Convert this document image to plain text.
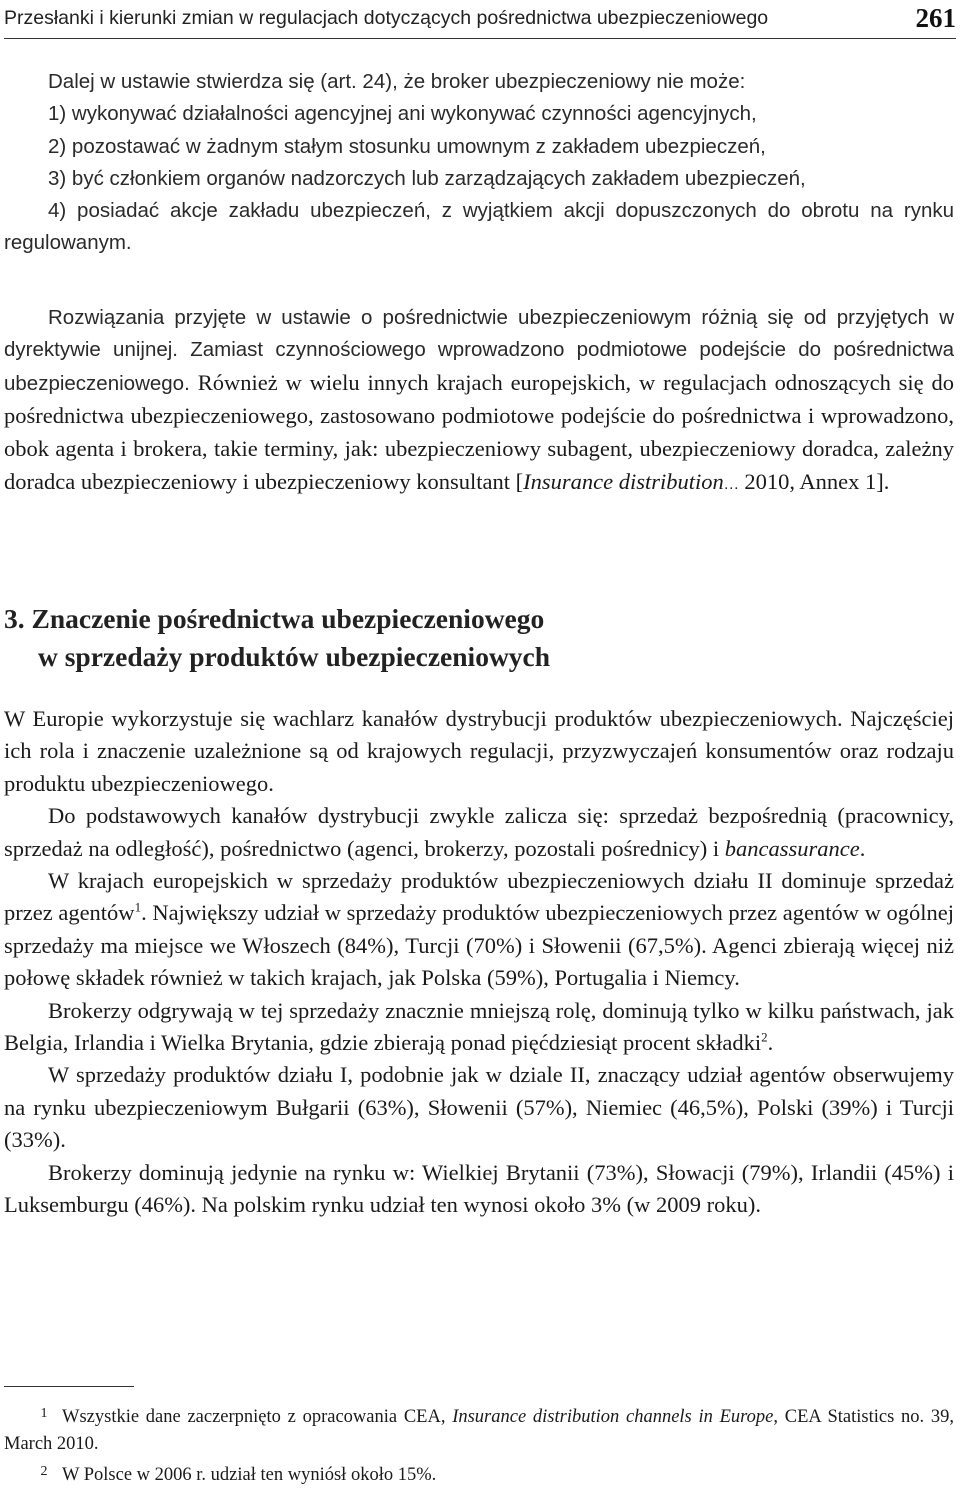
Przesłanki i kierunki zmian w regulacjach dotyczących pośrednictwa ubezpieczeniowego	261
Dalej w ustawie stwierdza się (art. 24), że broker ubezpieczeniowy nie może:
1) wykonywać działalności agencyjnej ani wykonywać czynności agencyjnych,
2) pozostawać w żadnym stałym stosunku umownym z zakładem ubezpieczeń,
3) być członkiem organów nadzorczych lub zarządzających zakładem ubezpieczeń,
4) posiadać akcje zakładu ubezpieczeń, z wyjątkiem akcji dopuszczonych do obrotu na rynku regulowanym.
Rozwiązania przyjęte w ustawie o pośrednictwie ubezpieczeniowym różnią się od przyjętych w dyrektywie unijnej. Zamiast czynnościowego wprowadzono podmiotowe podejście do pośrednictwa ubezpieczeniowego. Również w wielu innych krajach europejskich, w regulacjach odnoszących się do pośrednictwa ubezpieczeniowego, zastosowano podmiotowe podejście do pośrednictwa i wprowadzono, obok agenta i brokera, takie terminy, jak: ubezpieczeniowy subagent, ubezpieczeniowy doradca, zależny doradca ubezpieczeniowy i ubezpieczeniowy konsultant [Insurance distribution… 2010, Annex 1].
3. Znaczenie pośrednictwa ubezpieczeniowego
w sprzedaży produktów ubezpieczeniowych

W Europie wykorzystuje się wachlarz kanałów dystrybucji produktów ubezpieczeniowych. Najczęściej ich rola i znaczenie uzależnione są od krajowych regulacji, przyzwyczajeń konsumentów oraz rodzaju produktu ubezpieczeniowego.

Do podstawowych kanałów dystrybucji zwykle zalicza się: sprzedaż bezpośrednią (pracownicy, sprzedaż na odległość), pośrednictwo (agenci, brokerzy, pozostali pośrednicy) i bancassurance.

W krajach europejskich w sprzedaży produktów ubezpieczeniowych działu II dominuje sprzedaż przez agentów$^1$. Największy udział w sprzedaży produktów ubezpieczeniowych przez agentów w ogólnej sprzedaży ma miejsce we Włoszech (84%), Turcji (70%) i Słowenii (67,5%). Agenci zbierają więcej niż połowę składek również w takich krajach, jak Polska (59%), Portugalia i Niemcy.

Brokerzy odgrywają w tej sprzedaży znacznie mniejszą rolę, dominują tylko w kilku państwach, jak Belgia, Irlandia i Wielka Brytania, gdzie zbierają ponad pięćdziesiąt procent składki$^2$.

W sprzedaży produktów działu I, podobnie jak w dziale II, znaczący udział agentów obserwujemy na rynku ubezpieczeniowym Bułgarii (63%), Słowenii (57%), Niemiec (46,5%), Polski (39%) i Turcji (33%).

Brokerzy dominują jedynie na rynku w: Wielkiej Brytanii (73%), Słowacji (79%), Irlandii (45%) i Luksemburgu (46%). Na polskim rynku udział ten wynosi około 3% (w 2009 roku).

1 Wszystkie dane zaczerpnięto z opracowania CEA, Insurance distribution channels in Europe, CEA Statistics no. 39, March 2010.

2 W Polsce w 2006 r. udział ten wyniósł około 15%.
